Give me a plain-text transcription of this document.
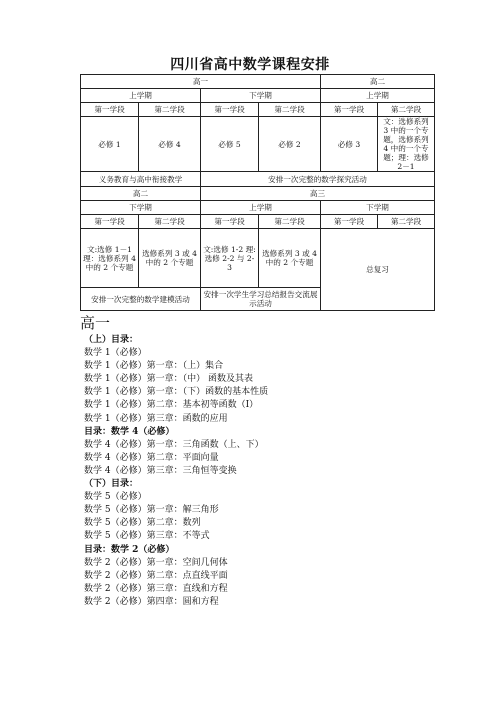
四川省高中数学课程安排
高一				高二	
上学期		下学期		上学期	
第一学段	第二学段	第一学段	第二学段	第一学段	第二学段
必修 1	必修 4	必修 5	必修 2	必修 3	文：选修系列 3 中的一个专题，选修系列 4 中的一个专题；理：选修 2－1
义务教育与高中衔接教学		安排一次完整的数学探究活动			
高二		高三			
下学期		上学期		下学期	
第一学段	第二学段	第一学段	第二学段	第一学段	第二学段
文:选修 1－1 理：选修系列 4 中的 2 个专题	选修系列 3 或 4 中的 2 个专题	文:选修 1-2 理:选修 2-2 与 2-3	选修系列 3 或 4 中的 2 个专题	总复习	
安排一次完整的数学建模活动		安排一次学生学习总结报告交流展示活动			
高一
（上）目录：
数学 1（必修）
数学 1（必修）第一章：（上）集合
数学 1（必修）第一章：（中） 函数及其表
数学 1（必修）第一章：（下）函数的基本性质
数学 1（必修）第二章：基本初等函数（Ⅰ）
数学 1（必修）第三章：函数的应用
目录：数学 4（必修）
数学 4（必修）第一章：三角函数（上、下）
数学 4（必修）第二章：平面向量
数学 4（必修）第三章：三角恒等变换
（下）目录：
数学 5（必修）
数学 5（必修）第一章：解三角形
数学 5（必修）第二章：数列
数学 5（必修）第三章：不等式
目录：数学 2（必修）
数学 2（必修）第一章：空间几何体
数学 2（必修）第二章：点直线平面
数学 2（必修）第三章：直线和方程
数学 2（必修）第四章：圆和方程
